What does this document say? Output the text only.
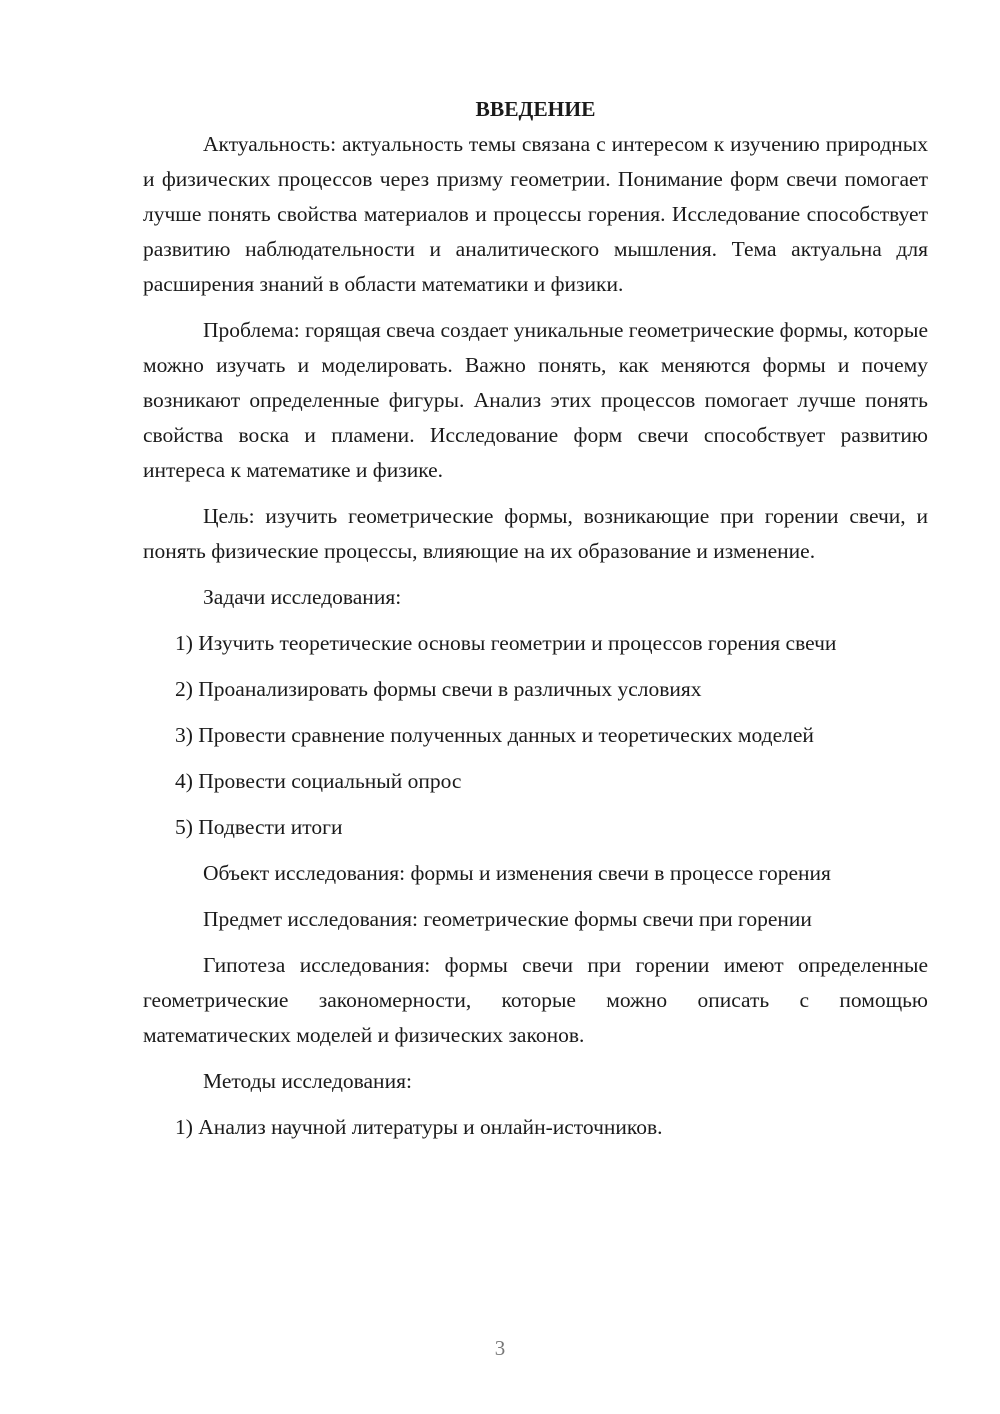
ВВЕДЕНИЕ

Актуальность: актуальность темы связана с интересом к изучению природных и физических процессов через призму геометрии. Понимание форм свечи помогает лучше понять свойства материалов и процессы горения. Исследование способствует развитию наблюдательности и аналитического мышления. Тема актуальна для расширения знаний в области математики и физики.

Проблема: горящая свеча создает уникальные геометрические формы, которые можно изучать и моделировать. Важно понять, как меняются формы и почему возникают определенные фигуры. Анализ этих процессов помогает лучше понять свойства воска и пламени. Исследование форм свечи способствует развитию интереса к математике и физике.

Цель: изучить геометрические формы, возникающие при горении свечи, и понять физические процессы, влияющие на их образование и изменение.

Задачи исследования:

1) Изучить теоретические основы геометрии и процессов горения свечи

2) Проанализировать формы свечи в различных условиях

3) Провести сравнение полученных данных и теоретических моделей

4) Провести социальный опрос

5) Подвести итоги

Объект исследования: формы и изменения свечи в процессе горения

Предмет исследования: геометрические формы свечи при горении

Гипотеза исследования: формы свечи при горении имеют определенные геометрические закономерности, которые можно описать с помощью математических моделей и физических законов.

Методы исследования:

1) Анализ научной литературы и онлайн-источников.

3
